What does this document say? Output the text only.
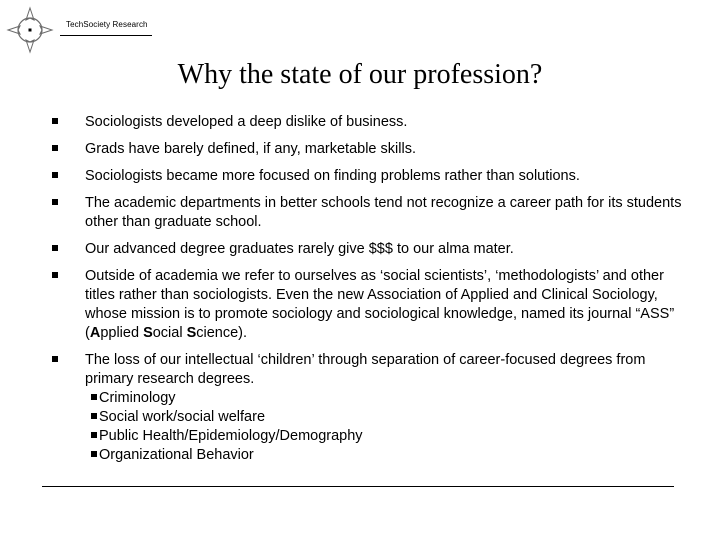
TechSociety Research
Why the state of our profession?
Sociologists developed a deep dislike of business.
Grads have barely defined, if any, marketable skills.
Sociologists became more focused on finding problems rather than solutions.
The academic departments in better schools tend not recognize a career path for its students other than graduate school.
Our advanced degree graduates rarely give $$$ to our alma mater.
Outside of academia we refer to ourselves as ‘social scientists’, ‘methodologists’ and other titles rather than sociologists. Even the new Association of Applied and Clinical Sociology, whose mission is to promote sociology and sociological knowledge, named its journal “ASS” (Applied Social Science).
The loss of our intellectual ‘children’ through separation of career-focused degrees from primary research degrees.
Criminology
Social work/social welfare
Public Health/Epidemiology/Demography
Organizational Behavior
